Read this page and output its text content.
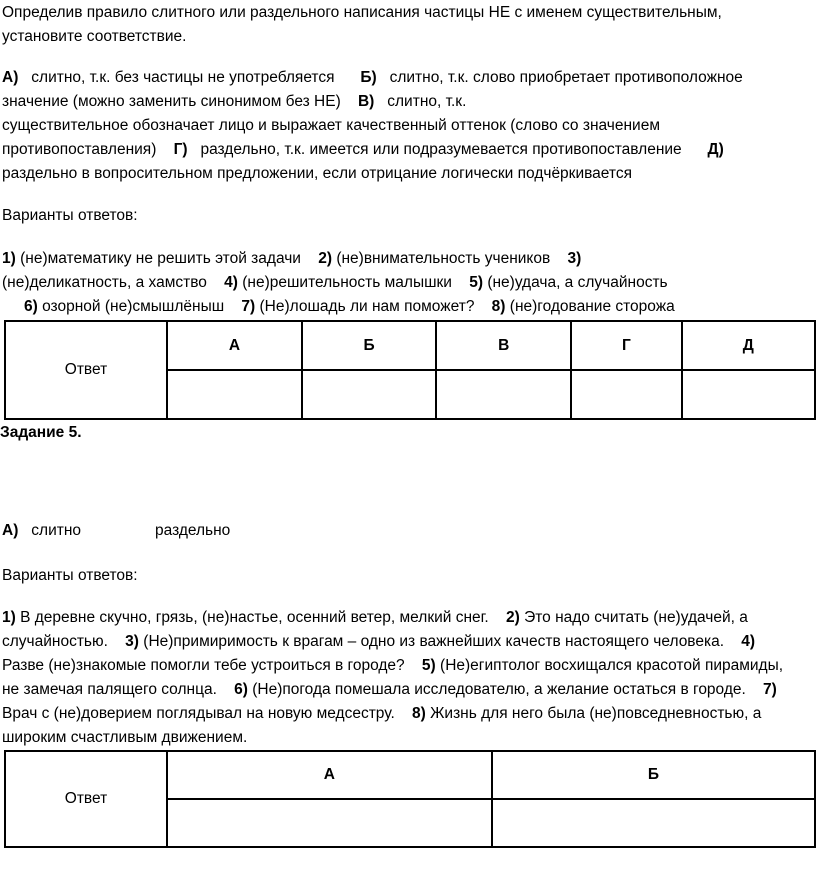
Определив правило слитного или раздельного написания частицы НЕ с именем существительным,
установите соответствие.
А) слитно, т.к. без частицы не употребляется Б) слитно, т.к. слово приобретает противоположное
значение (можно заменить синонимом без НЕ) В) слитно, т.к.
существительное обозначает лицо и выражает качественный оттенок (слово со значением
противопоставления) Г) раздельно, т.к. имеется или подразумевается противопоставление Д)
раздельно в вопросительном предложении, если отрицание логически подчёркивается
Варианты ответов:
1) (не)математику не решить этой задачи 2) (не)внимательность учеников 3)
(не)деликатность, а хамство 4) (не)решительность малышки 5) (не)удача, а случайность
6) озорной (не)смышлёныш 7) (Не)лошадь ли нам поможет? 8) (не)годование сторожа
Ответ	А	Б	В	Г	Д

Задание 5.
А) слитно	раздельно
Варианты ответов:
1) В деревне скучно, грязь, (не)настье, осенний ветер, мелкий снег. 2) Это надо считать (не)удачей, а
случайностью. 3) (Не)примиримость к врагам – одно из важнейших качеств настоящего человека. 4)
Разве (не)знакомые помогли тебе устроиться в городе? 5) (Не)египтолог восхищался красотой пирамиды,
не замечая палящего солнца. 6) (Не)погода помешала исследователю, а желание остаться в городе. 7)
Врач с (не)доверием поглядывал на новую медсестру. 8) Жизнь для него была (не)повседневностью, а
широким счастливым движением.
Ответ	А	Б
